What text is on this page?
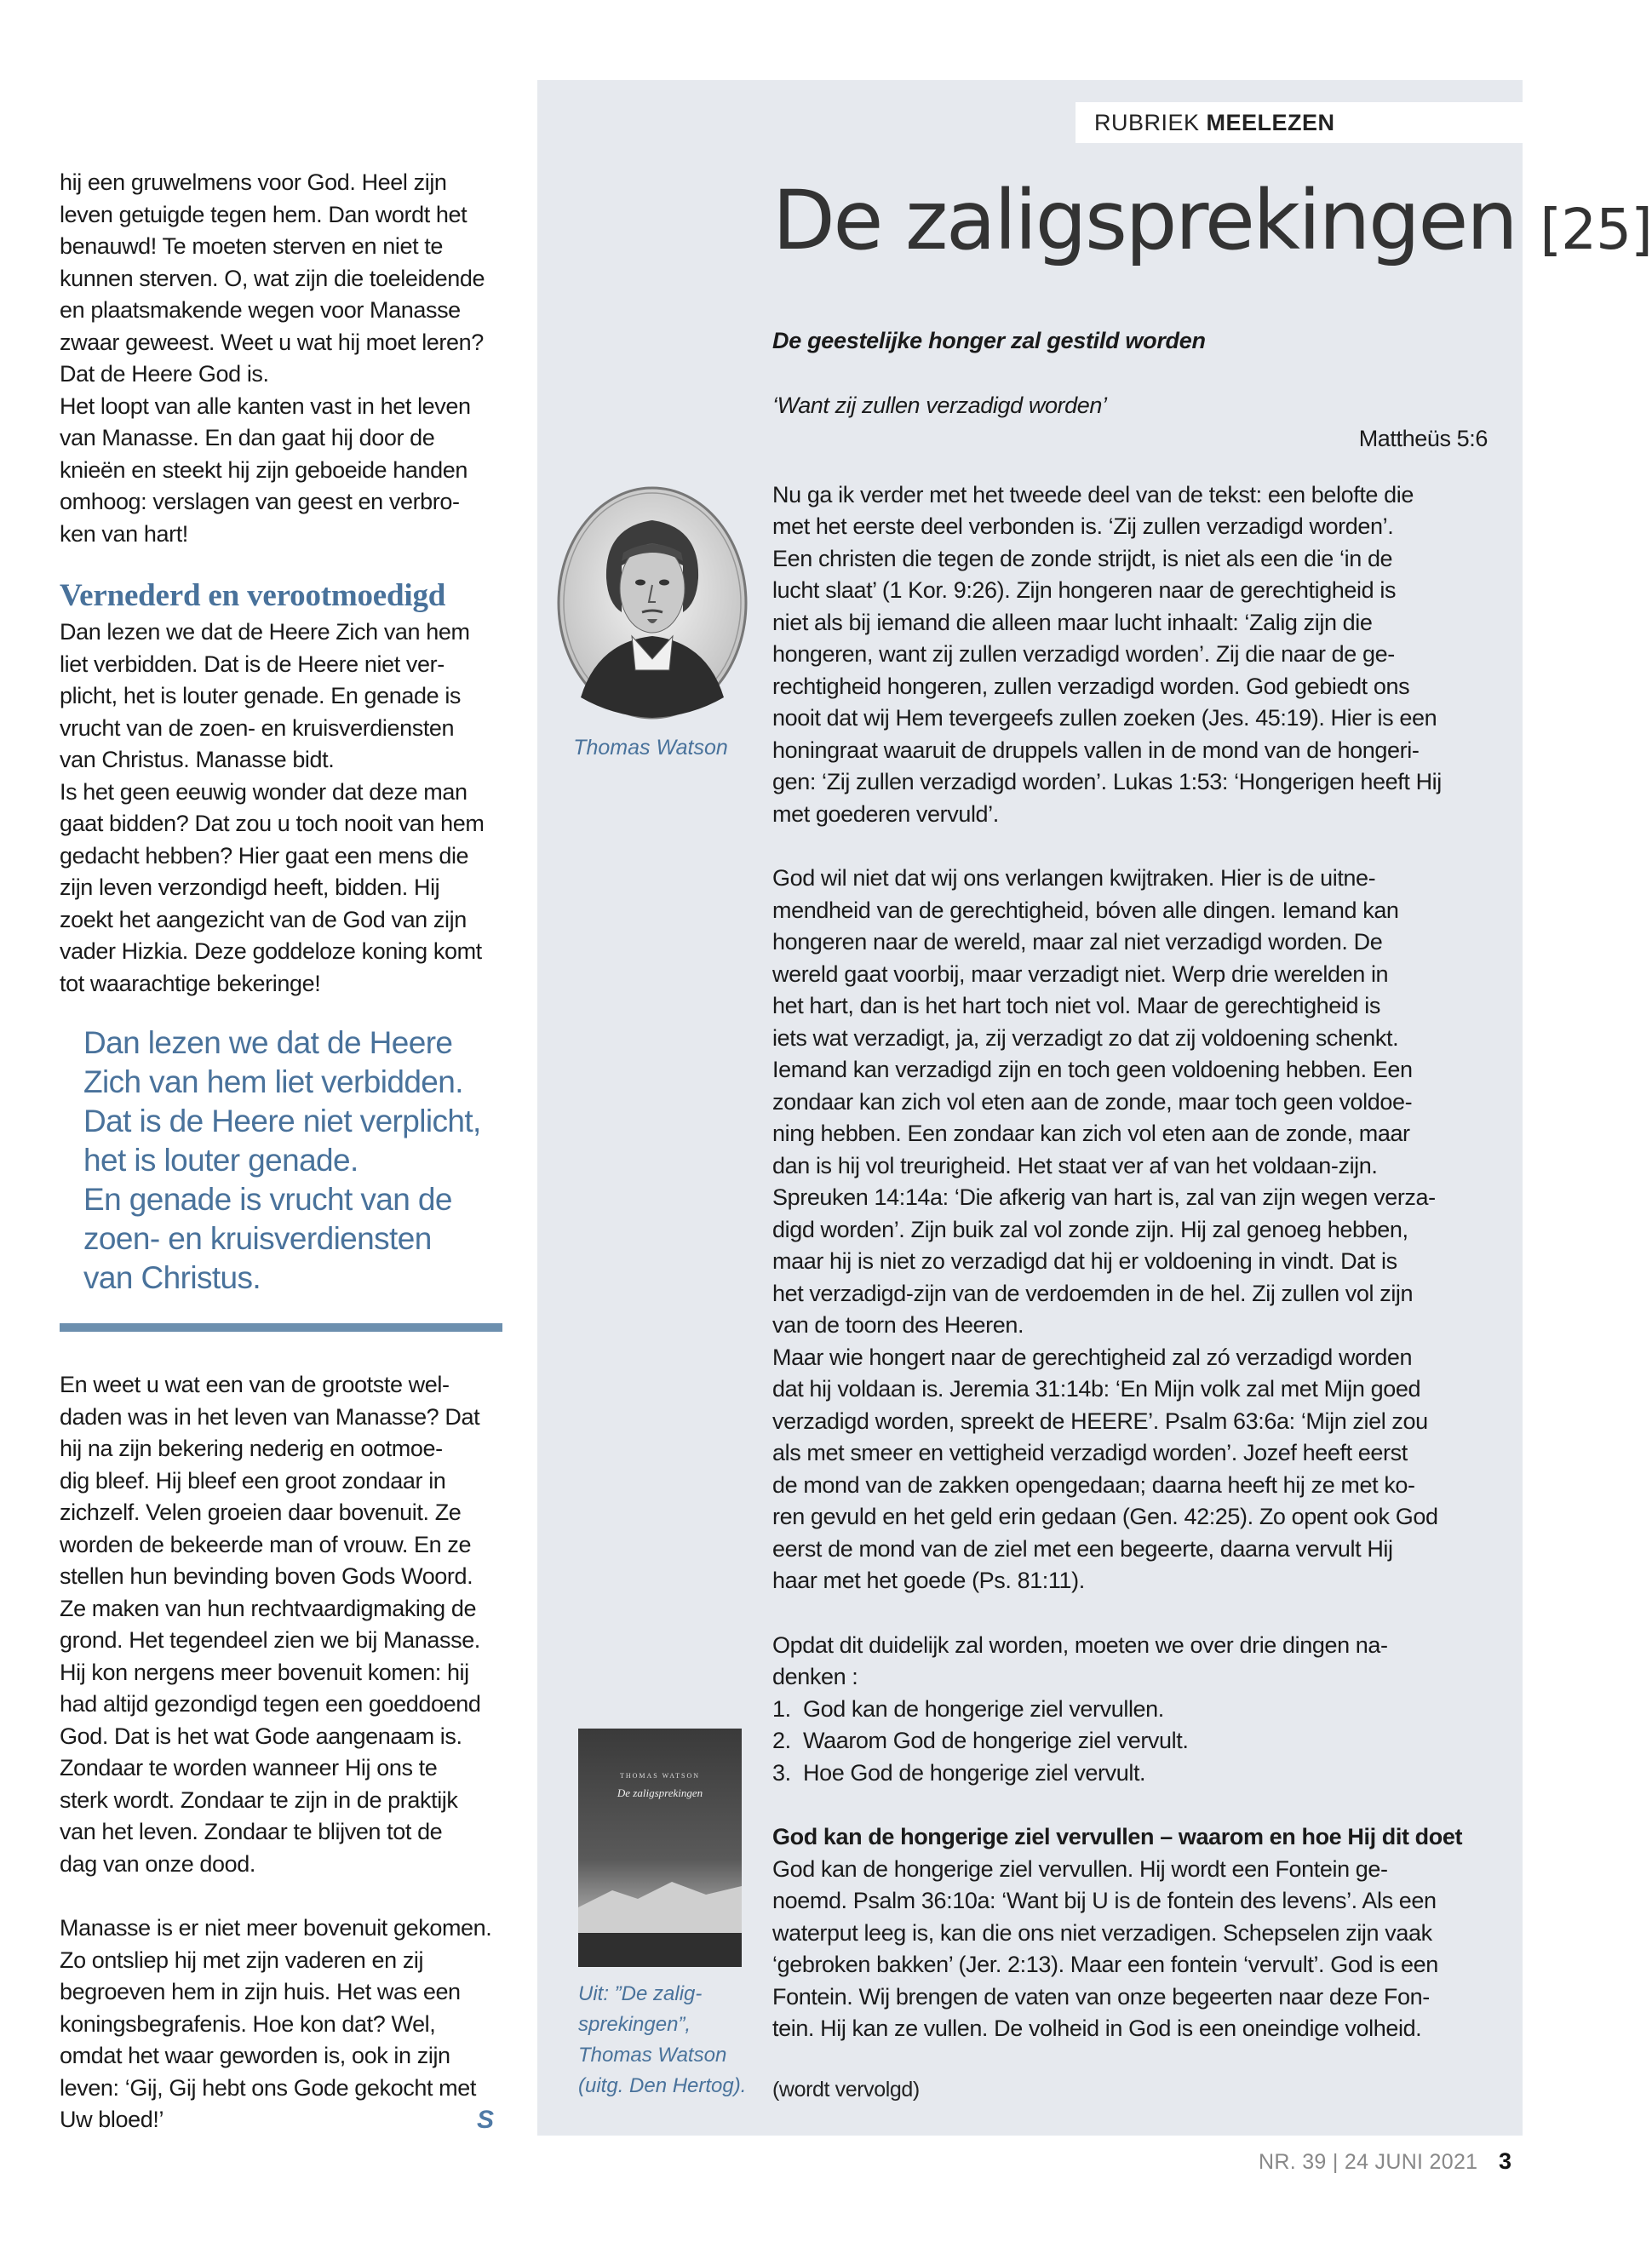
hij een gruwelmens voor God. Heel zijn
leven getuigde tegen hem. Dan wordt het
benauwd! Te moeten sterven en niet te
kunnen sterven. O, wat zijn die toeleidende
en plaatsmakende wegen voor Manasse
zwaar geweest. Weet u wat hij moet leren?
Dat de Heere God is.
Het loopt van alle kanten vast in het leven
van Manasse. En dan gaat hij door de
knieën en steekt hij zijn geboeide handen
omhoog: verslagen van geest en verbro-
ken van hart!
Vernederd en verootmoedigd
Dan lezen we dat de Heere Zich van hem
liet verbidden. Dat is de Heere niet ver-
plicht, het is louter genade. En genade is
vrucht van de zoen- en kruisverdiensten
van Christus. Manasse bidt.
Is het geen eeuwig wonder dat deze man
gaat bidden? Dat zou u toch nooit van hem
gedacht hebben? Hier gaat een mens die
zijn leven verzondigd heeft, bidden. Hij
zoekt het aangezicht van de God van zijn
vader Hizkia. Deze goddeloze koning komt
tot waarachtige bekeringe!
Dan lezen we dat de Heere
Zich van hem liet verbidden.
Dat is de Heere niet verplicht,
het is louter genade.
En genade is vrucht van de
zoen- en kruisverdiensten
van Christus.
En weet u wat een van de grootste wel-
daden was in het leven van Manasse? Dat
hij na zijn bekering nederig en ootmoe-
dig bleef. Hij bleef een groot zondaar in
zichzelf. Velen groeien daar bovenuit. Ze
worden de bekeerde man of vrouw. En ze
stellen hun bevinding boven Gods Woord.
Ze maken van hun rechtvaardigmaking de
grond. Het tegendeel zien we bij Manasse.
Hij kon nergens meer bovenuit komen: hij
had altijd gezondigd tegen een goeddoend
God. Dat is het wat Gode aangenaam is.
Zondaar te worden wanneer Hij ons te
sterk wordt. Zondaar te zijn in de praktijk
van het leven. Zondaar te blijven tot de
dag van onze dood.
Manasse is er niet meer bovenuit gekomen.
Zo ontsliep hij met zijn vaderen en zij
begroeven hem in zijn huis. Het was een
koningsbegrafenis. Hoe kon dat? Wel,
omdat het waar geworden is, ook in zijn
leven: ‘Gij, Gij hebt ons Gode gekocht met
Uw bloed!’	S
RUBRIEK MEELEZEN
De zaligsprekingen [25]
Thomas Watson
THOMAS WATSON
De zaligsprekingen
Uit: ”De zalig-
sprekingen”,
Thomas Watson
(uitg. Den Hertog).

De geestelijke honger zal gestild worden

‘Want zij zullen verzadigd worden’

Mattheüs 5:6

Nu ga ik verder met het tweede deel van de tekst: een belofte die
met het eerste deel verbonden is. ‘Zij zullen verzadigd worden’.
Een christen die tegen de zonde strijdt, is niet als een die ‘in de
lucht slaat’ (1 Kor. 9:26). Zijn hongeren naar de gerechtigheid is
niet als bij iemand die alleen maar lucht inhaalt: ‘Zalig zijn die
hongeren, want zij zullen verzadigd worden’. Zij die naar de ge-
rechtigheid hongeren, zullen verzadigd worden. God gebiedt ons
nooit dat wij Hem tevergeefs zullen zoeken (Jes. 45:19). Hier is een
honingraat waaruit de druppels vallen in de mond van de hongeri-
gen: ‘Zij zullen verzadigd worden’. Lukas 1:53: ‘Hongerigen heeft Hij
met goederen vervuld’.
God wil niet dat wij ons verlangen kwijtraken. Hier is de uitne-
mendheid van de gerechtigheid, bóven alle dingen. Iemand kan
hongeren naar de wereld, maar zal niet verzadigd worden. De
wereld gaat voorbij, maar verzadigt niet. Werp drie werelden in
het hart, dan is het hart toch niet vol. Maar de gerechtigheid is
iets wat verzadigt, ja, zij verzadigt zo dat zij voldoening schenkt.
Iemand kan verzadigd zijn en toch geen voldoening hebben. Een
zondaar kan zich vol eten aan de zonde, maar toch geen voldoe-
ning hebben. Een zondaar kan zich vol eten aan de zonde, maar
dan is hij vol treurigheid. Het staat ver af van het voldaan-zijn.
Spreuken 14:14a: ‘Die afkerig van hart is, zal van zijn wegen verza-
digd worden’. Zijn buik zal vol zonde zijn. Hij zal genoeg hebben,
maar hij is niet zo verzadigd dat hij er voldoening in vindt. Dat is
het verzadigd-zijn van de verdoemden in de hel. Zij zullen vol zijn
van de toorn des Heeren.
Maar wie hongert naar de gerechtigheid zal zó verzadigd worden
dat hij voldaan is. Jeremia 31:14b: ‘En Mijn volk zal met Mijn goed
verzadigd worden, spreekt de HEERE’. Psalm 63:6a: ‘Mijn ziel zou
als met smeer en vettigheid verzadigd worden’. Jozef heeft eerst
de mond van de zakken opengedaan; daarna heeft hij ze met ko-
ren gevuld en het geld erin gedaan (Gen. 42:25). Zo opent ook God
eerst de mond van de ziel met een begeerte, daarna vervult Hij
haar met het goede (Ps. 81:11).
Opdat dit duidelijk zal worden, moeten we over drie dingen na-
denken :
1. God kan de hongerige ziel vervullen.
2. Waarom God de hongerige ziel vervult.
3. Hoe God de hongerige ziel vervult.

God kan de hongerige ziel vervullen – waarom en hoe Hij dit doet

God kan de hongerige ziel vervullen. Hij wordt een Fontein ge-
noemd. Psalm 36:10a: ‘Want bij U is de fontein des levens’. Als een
waterput leeg is, kan die ons niet verzadigen. Schepselen zijn vaak
‘gebroken bakken’ (Jer. 2:13). Maar een fontein ‘vervult’. God is een
Fontein. Wij brengen de vaten van onze begeerten naar deze Fon-
tein. Hij kan ze vullen. De volheid in God is een oneindige volheid.
(wordt vervolgd)
NR. 39 | 24 JUNI 2021 3
